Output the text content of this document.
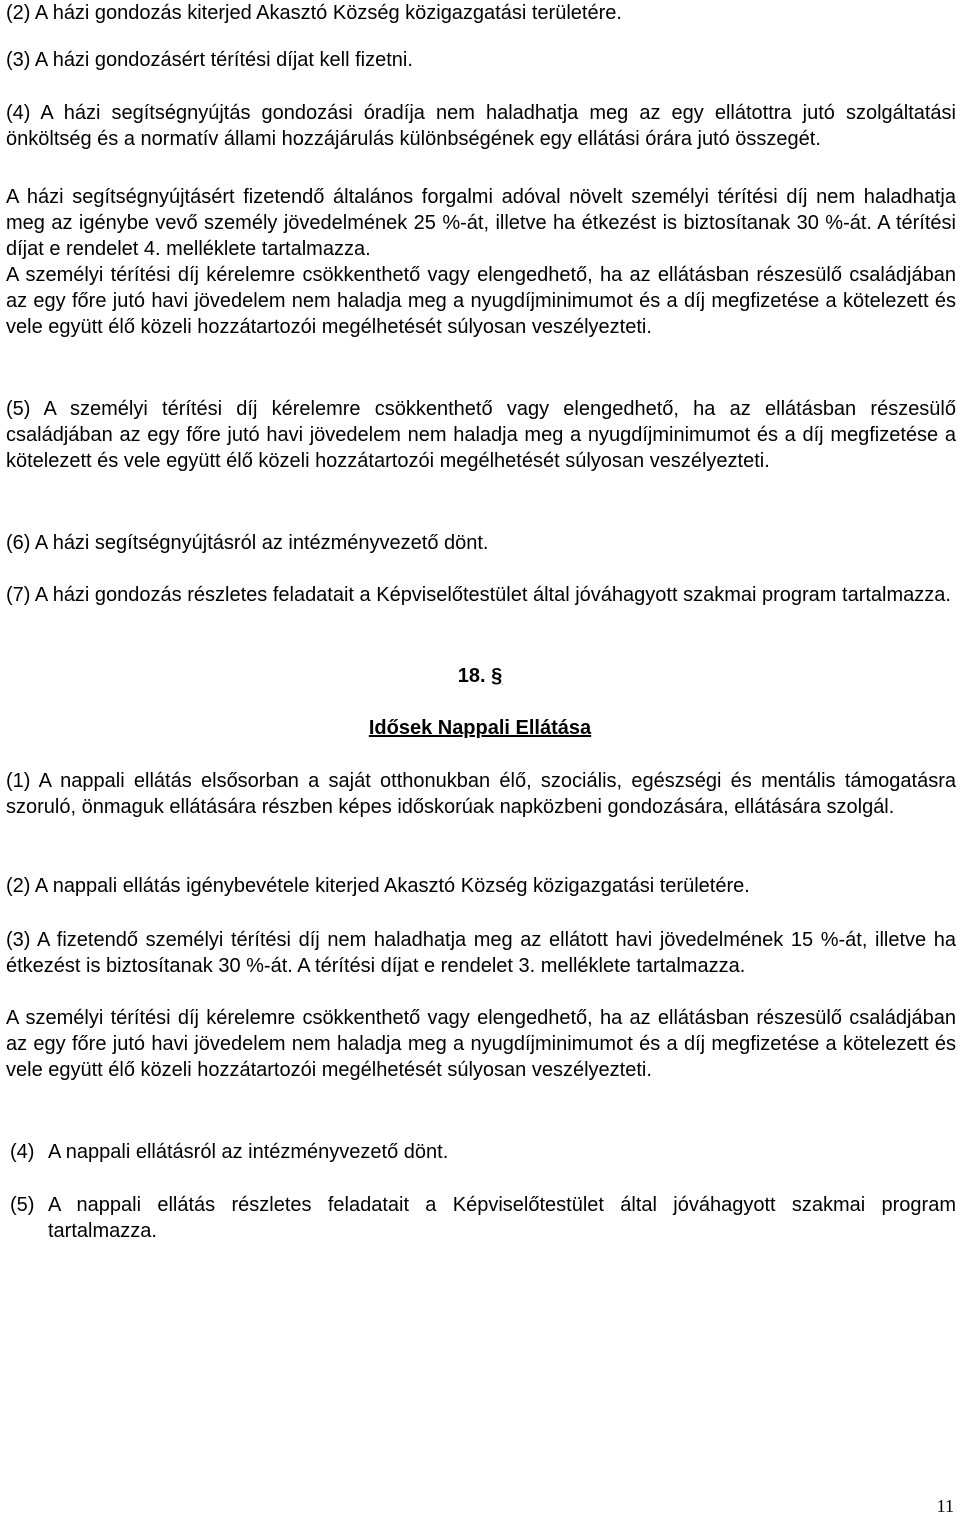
(2) A házi gondozás kiterjed Akasztó Község közigazgatási területére.
(3) A házi gondozásért térítési díjat kell fizetni.
(4) A házi segítségnyújtás gondozási óradíja nem haladhatja meg az egy ellátottra jutó szolgáltatási önköltség és a normatív állami hozzájárulás különbségének egy ellátási órára jutó összegét.
A házi segítségnyújtásért fizetendő általános forgalmi adóval növelt személyi térítési díj nem haladhatja meg az igénybe vevő személy jövedelmének 25 %-át, illetve ha étkezést is biztosítanak 30 %-át. A térítési díjat e rendelet 4. melléklete tartalmazza.
A személyi térítési díj kérelemre csökkenthető vagy elengedhető, ha az ellátásban részesülő családjában az egy főre jutó havi jövedelem nem haladja meg a nyugdíjminimumot és a díj megfizetése a kötelezett és vele együtt élő közeli hozzátartozói megélhetését súlyosan veszélyezteti.
(5) A személyi térítési díj kérelemre csökkenthető vagy elengedhető, ha az ellátásban részesülő családjában az egy főre jutó havi jövedelem nem haladja meg a nyugdíjminimumot és a díj megfizetése a kötelezett és vele együtt élő közeli hozzátartozói megélhetését súlyosan veszélyezteti.
(6) A házi segítségnyújtásról az intézményvezető dönt.
(7) A házi gondozás részletes feladatait a Képviselőtestület által jóváhagyott szakmai program tartalmazza.
18. §
Idősek Nappali Ellátása
(1) A nappali ellátás elsősorban a saját otthonukban élő, szociális, egészségi és mentális támogatásra szoruló, önmaguk ellátására részben képes időskorúak napközbeni gondozására, ellátására szolgál.
(2) A nappali ellátás igénybevétele kiterjed Akasztó Község közigazgatási területére.
(3) A fizetendő személyi térítési díj nem haladhatja meg az ellátott havi jövedelmének 15 %-át, illetve ha étkezést is biztosítanak 30 %-át. A térítési díjat e rendelet 3. melléklete tartalmazza.
A személyi térítési díj kérelemre csökkenthető vagy elengedhető, ha az ellátásban részesülő családjában az egy főre jutó havi jövedelem nem haladja meg a nyugdíjminimumot és a díj megfizetése a kötelezett és vele együtt élő közeli hozzátartozói megélhetését súlyosan veszélyezteti.
(4) A nappali ellátásról az intézményvezető dönt.
(5) A nappali ellátás részletes feladatait a Képviselőtestület által jóváhagyott szakmai program tartalmazza.
11
